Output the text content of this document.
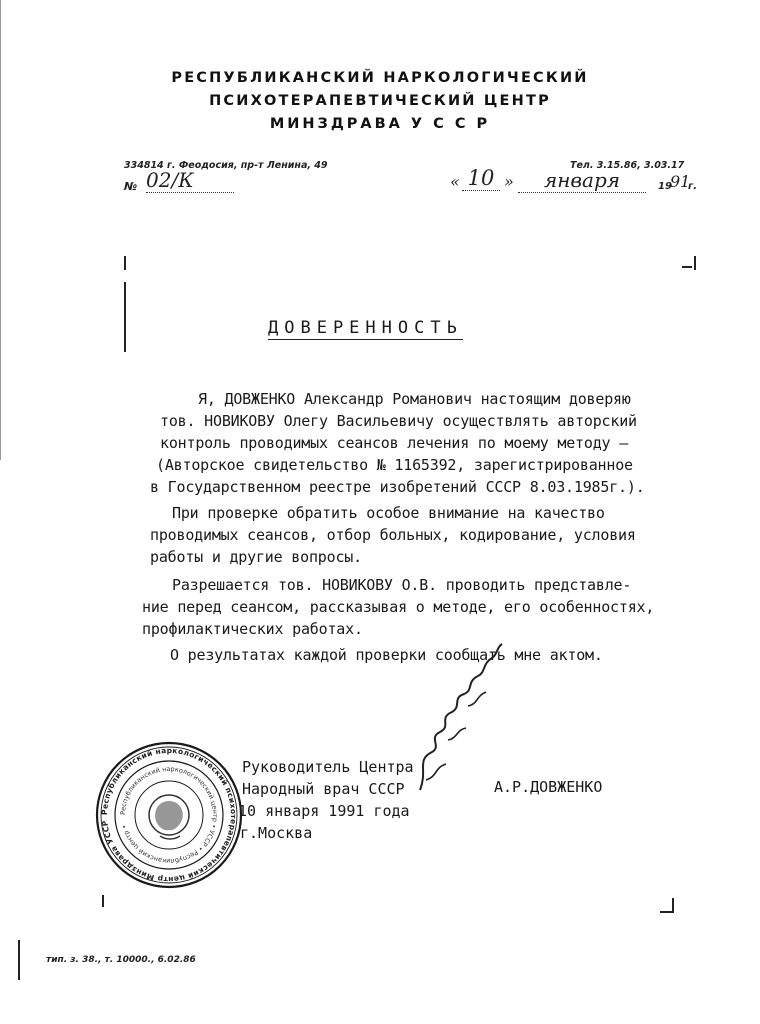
РЕСПУБЛИКАНСКИЙ НАРКОЛОГИЧЕСКИЙ
ПСИХОТЕРАПЕВТИЧЕСКИЙ ЦЕНТР
МИНЗДРАВА У С С Р
334814 г. Феодосия, пр-т Ленина, 49	Тел. 3.15.86, 3.03.17
№ 02/К	« 10 »	января	19
91
г.
ДОВЕРЕННОСТЬ
Я, ДОВЖЕНКО Александр Романович настоящим доверяю
тов. НОВИКОВУ Олегу Васильевичу осуществлять авторский
контроль проводимых сеансов лечения по моему методу –
(Авторское свидетельство № 1165392, зарегистрированное
в Государственном реестре изобретений СССР 8.03.1985г.).
При проверке обратить особое внимание на качество
проводимых сеансов, отбор больных, кодирование, условия
работы и другие вопросы.
Разрешается тов. НОВИКОВУ О.В. проводить представле-
ние перед сеансом, рассказывая о методе, его особенностях,
профилактических работах.
О результатах каждой проверки сообщать мне актом.
Руководитель Центра
Народный врач СССР
10 января 1991 года
г.Москва
А.Р.ДОВЖЕНКО
Республиканский наркологический психотерапевтический центр Минздрава УССР
Республиканский наркологический центр • УССР • Республиканский центр •
тип. з. 38., т. 10000., 6.02.86
